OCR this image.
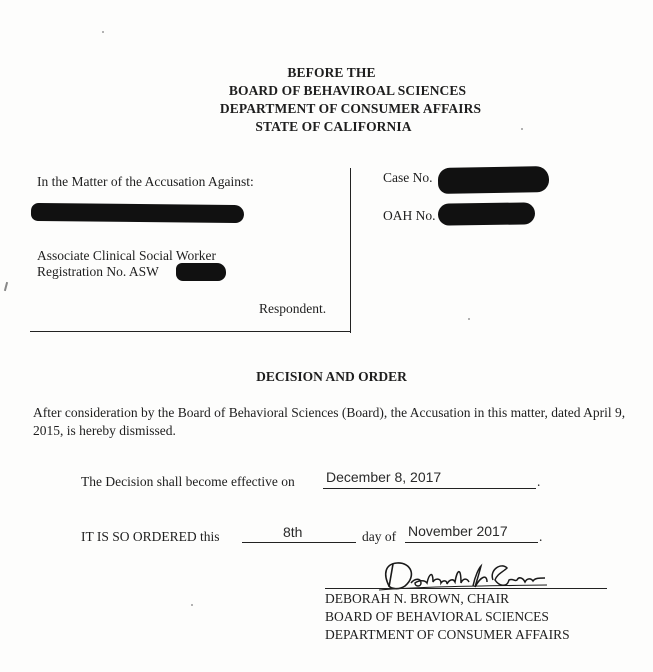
BEFORE THE
BOARD OF BEHAVIROAL SCIENCES
DEPARTMENT OF CONSUMER AFFAIRS
STATE OF CALIFORNIA
In the Matter of the Accusation Against:
Associate Clinical Social Worker
Registration No. ASW
Respondent.
Case No.
OAH No.
DECISION AND ORDER
After consideration by the Board of Behavioral Sciences (Board), the Accusation in this matter, dated April 9, 2015, is hereby dismissed.
The Decision shall become effective on December 8, 2017	.
IT IS SO ORDERED this	8th	day of November 2017 .
DEBORAH N. BROWN, CHAIR
BOARD OF BEHAVIORAL SCIENCES
DEPARTMENT OF CONSUMER AFFAIRS
